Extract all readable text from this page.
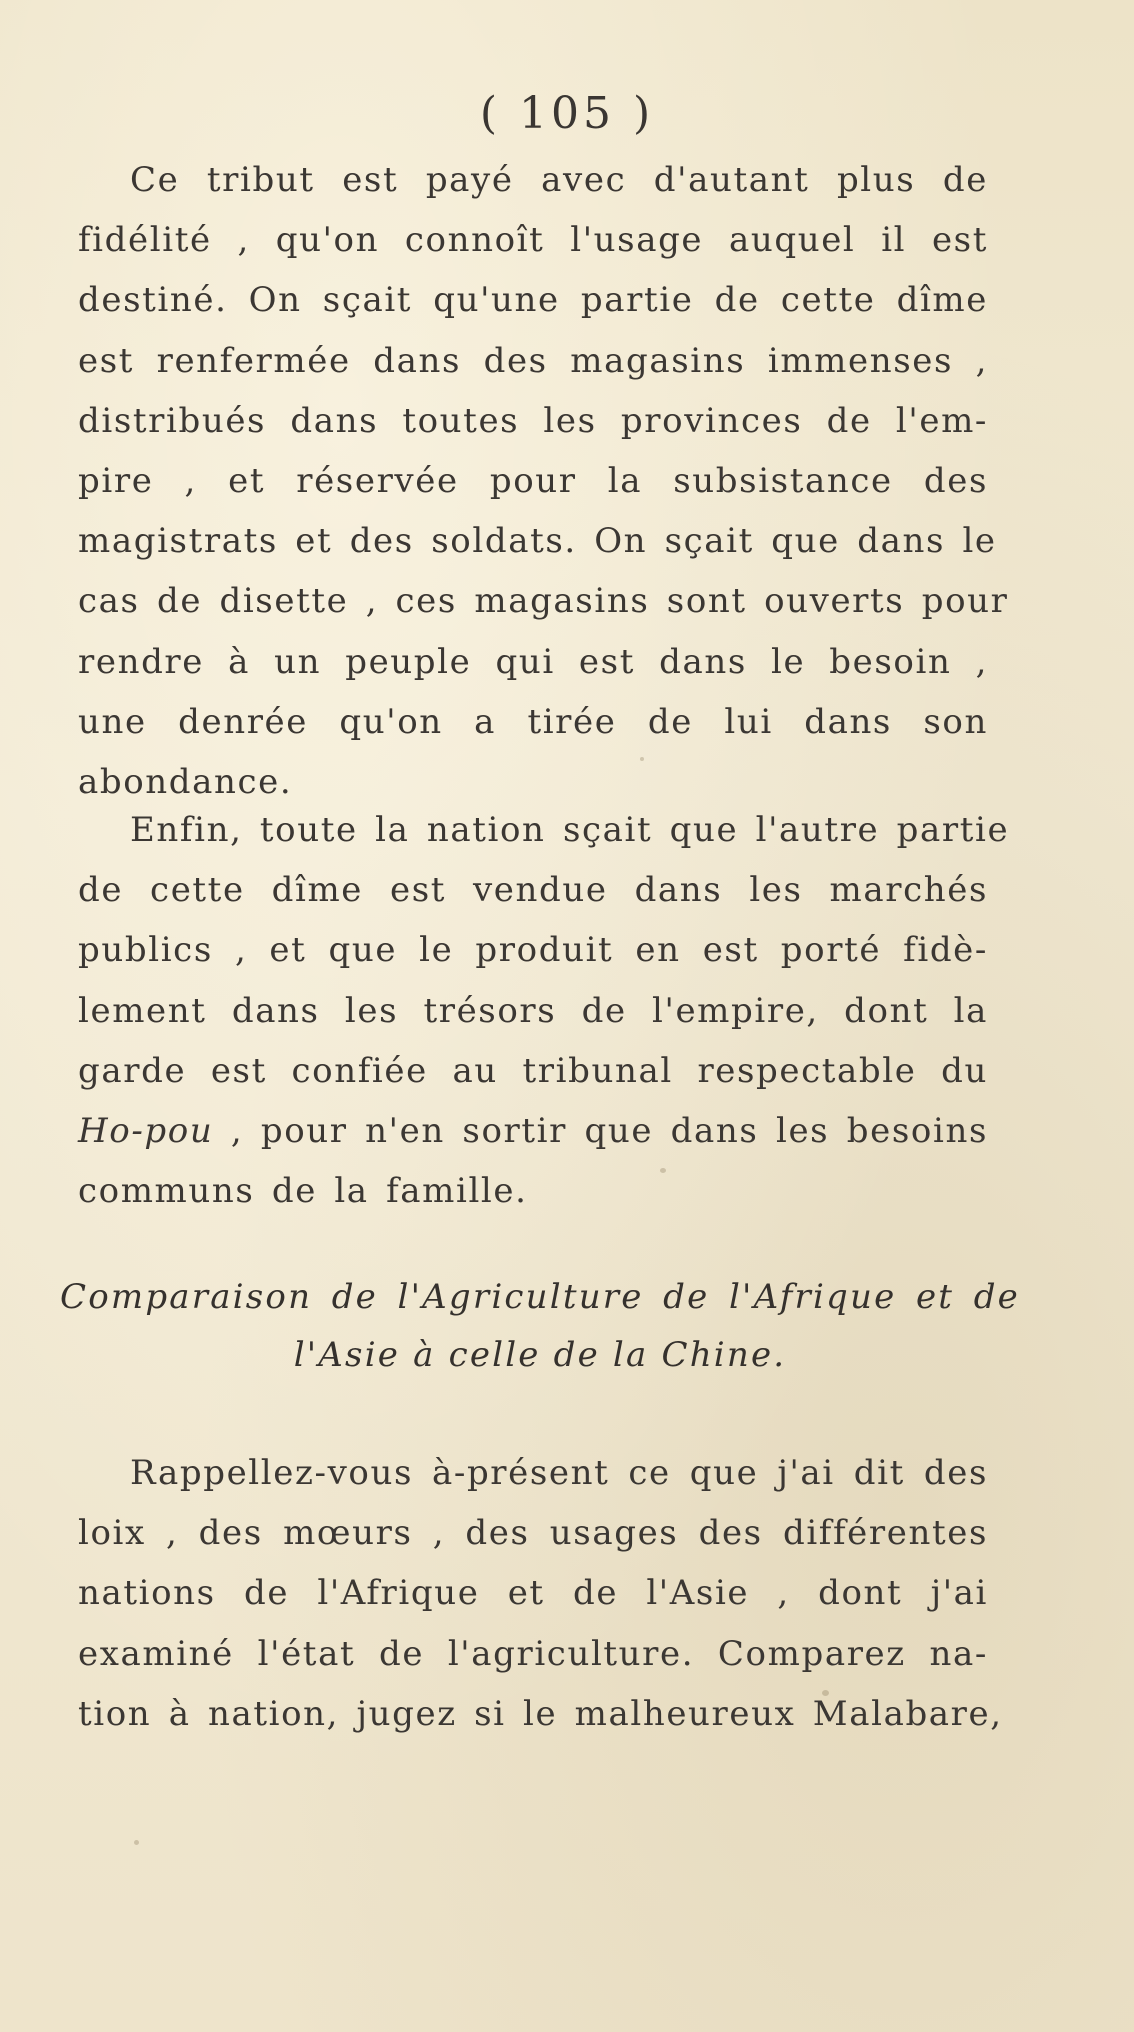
( 105 )
Ce tribut est payé avec d'autant plus de
fidélité , qu'on connoît l'usage auquel il est
destiné. On sçait qu'une partie de cette dîme
est renfermée dans des magasins immenses ,
distribués dans toutes les provinces de l'em-
pire , et réservée pour la subsistance des
magistrats et des soldats. On sçait que dans le
cas de disette , ces magasins sont ouverts pour
rendre à un peuple qui est dans le besoin ,
une denrée qu'on a tirée de lui dans son
abondance.
Enfin, toute la nation sçait que l'autre partie
de cette dîme est vendue dans les marchés
publics , et que le produit en est porté fidè-
lement dans les trésors de l'empire, dont la
garde est confiée au tribunal respectable du
Ho-pou , pour n'en sortir que dans les besoins
communs de la famille.
Comparaison de l'Agriculture de l'Afrique et de
l'Asie à celle de la Chine.
Rappellez-vous à-présent ce que j'ai dit des
loix , des mœurs , des usages des différentes
nations de l'Afrique et de l'Asie , dont j'ai
examiné l'état de l'agriculture. Comparez na-
tion à nation, jugez si le malheureux Malabare,
